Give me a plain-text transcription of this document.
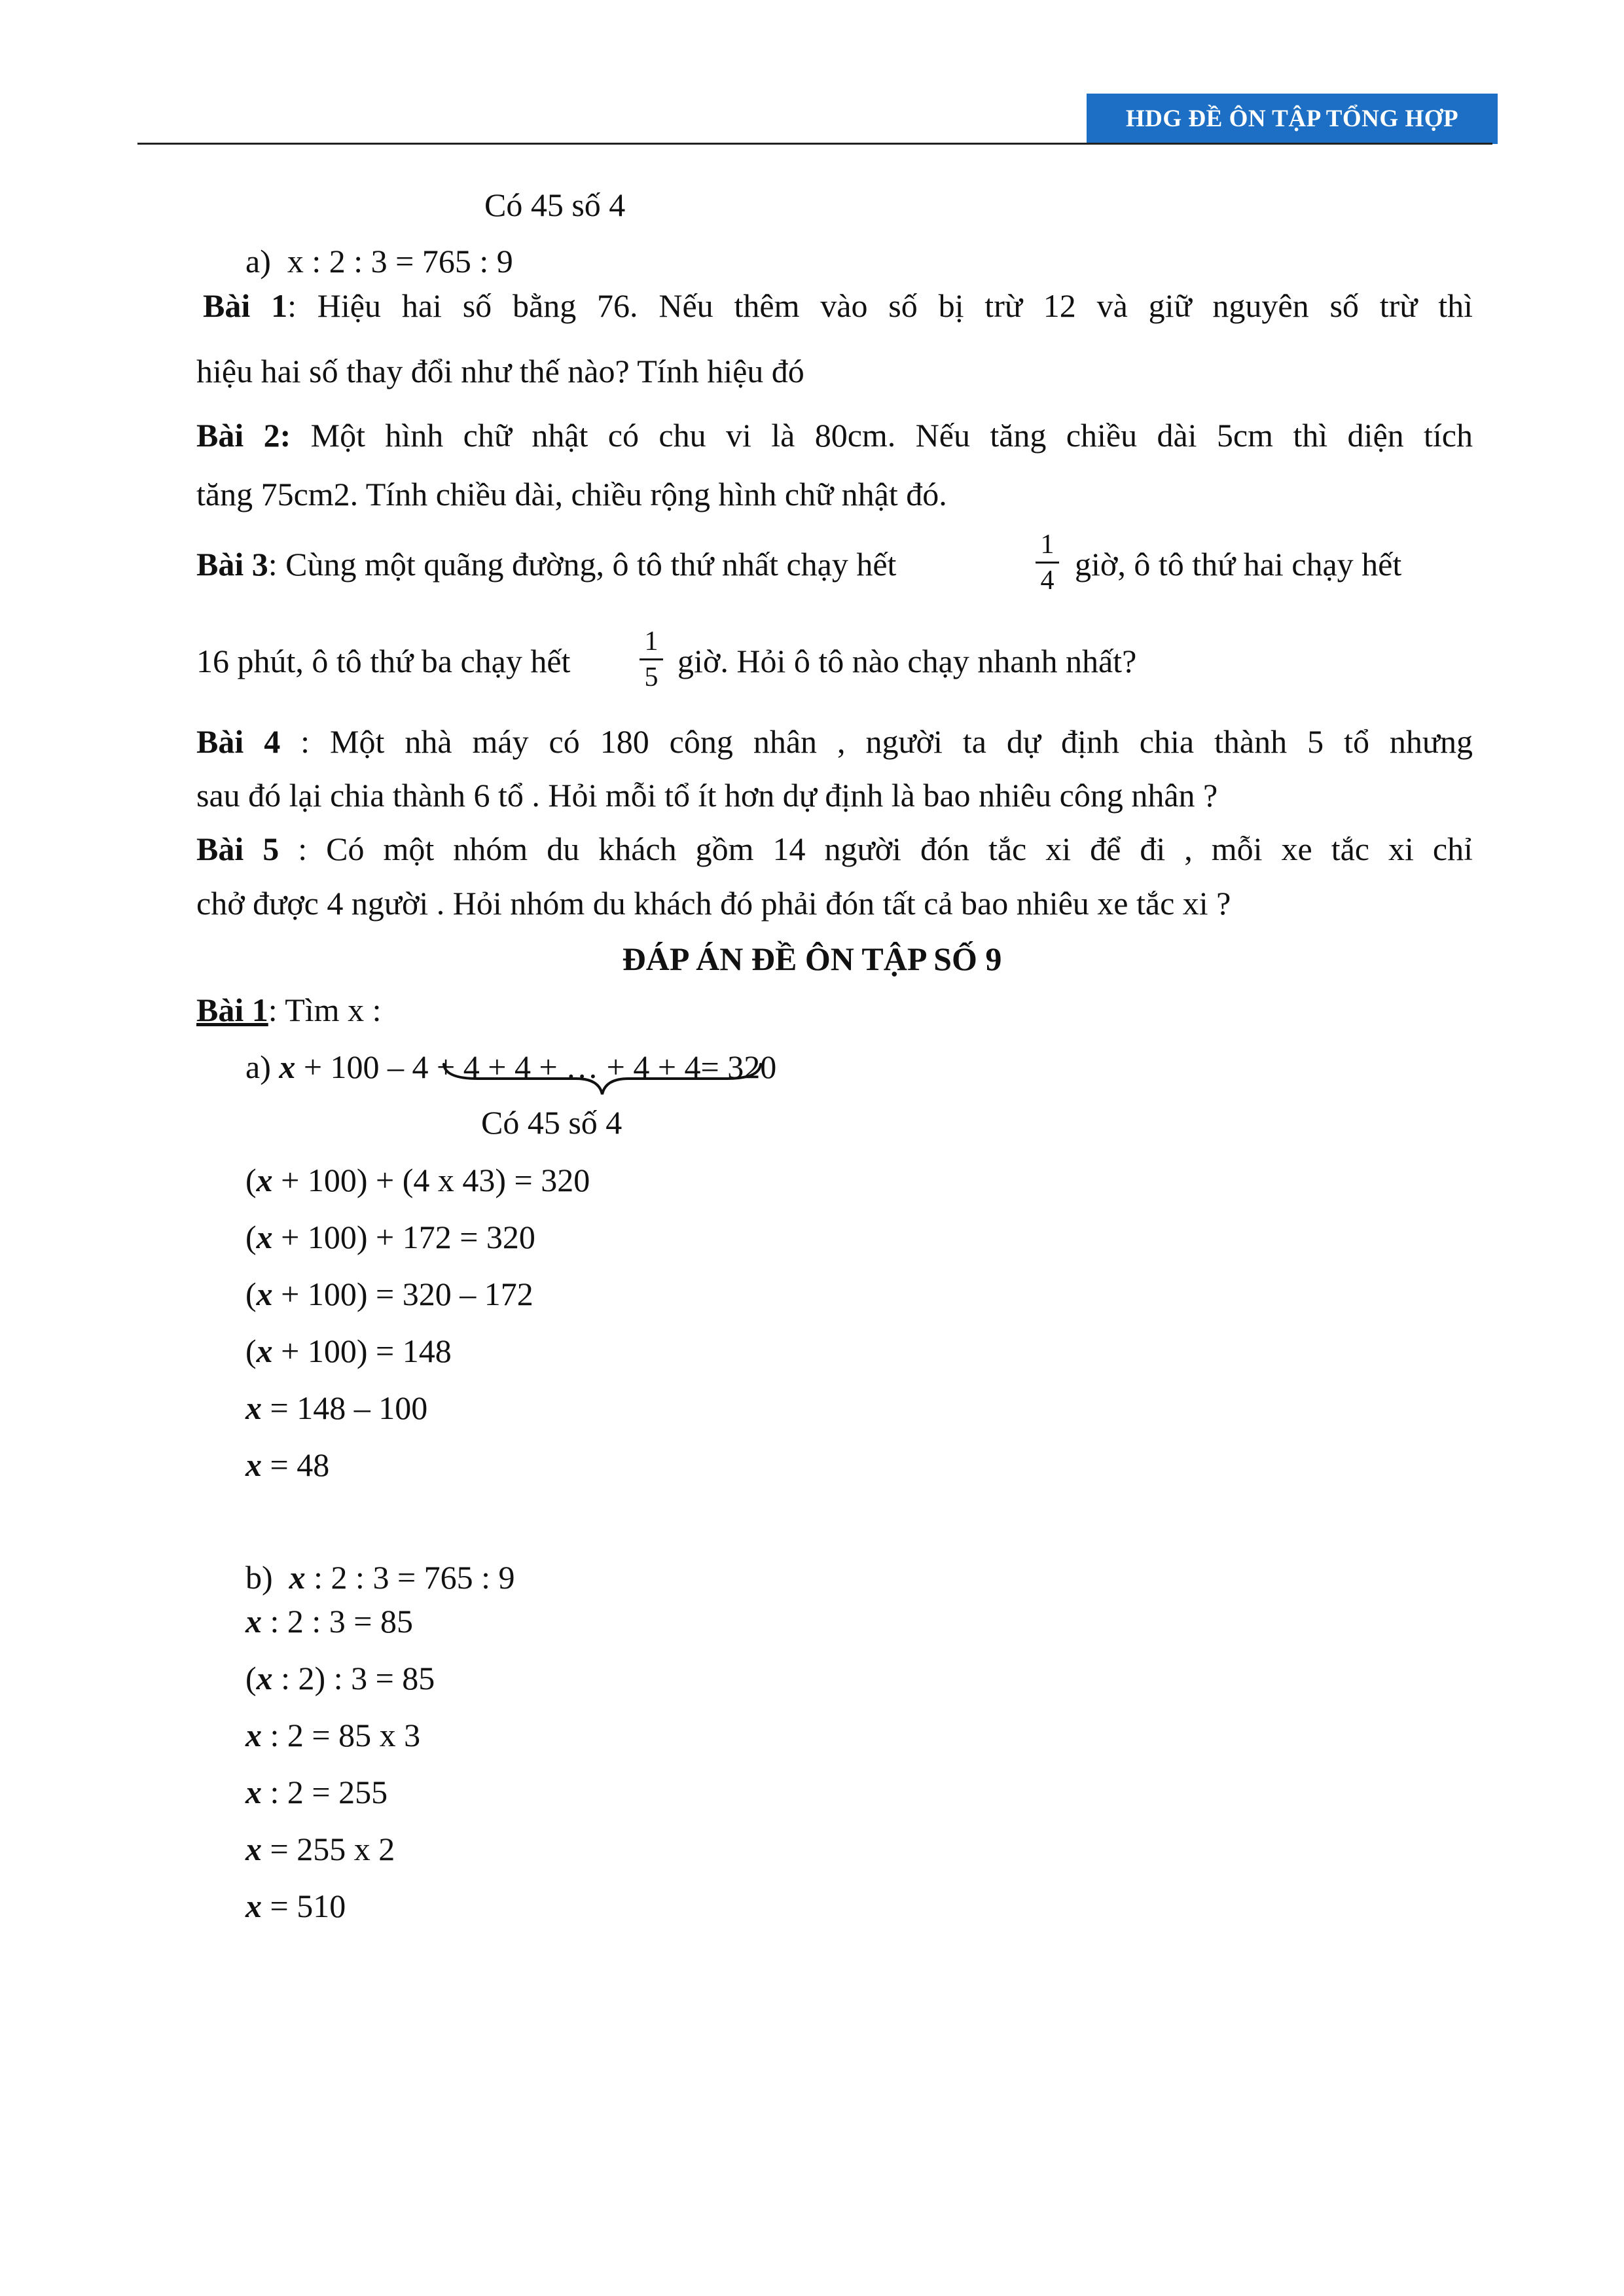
HDG ĐỀ ÔN TẬP TỔNG HỢP
Có 45 số 4
a) x : 2 : 3 = 765 : 9
Bài 1: Hiệu hai số bằng 76. Nếu thêm vào số bị trừ 12 và giữ nguyên số trừ thì
hiệu hai số thay đổi như thế nào? Tính hiệu đó
Bài 2: Một hình chữ nhật có chu vi là 80cm. Nếu tăng chiều dài 5cm thì diện tích
tăng 75cm2. Tính chiều dài, chiều rộng hình chữ nhật đó.
Bài 3: Cùng một quãng đường, ô tô thứ nhất chạy hết
1
4 giờ, ô tô thứ hai chạy hết
16 phút, ô tô thứ ba chạy hết
1
5 giờ. Hỏi ô tô nào chạy nhanh nhất?
Bài 4 : Một nhà máy có 180 công nhân , người ta dự định chia thành 5 tổ nhưng
sau đó lại chia thành 6 tổ . Hỏi mỗi tổ ít hơn dự định là bao nhiêu công nhân ?
Bài 5 : Có một nhóm du khách gồm 14 người đón tắc xi để đi , mỗi xe tắc xi chỉ
chở được 4 người . Hỏi nhóm du khách đó phải đón tất cả bao nhiêu xe tắc xi ?
ĐÁP ÁN ĐỀ ÔN TẬP SỐ 9
Bài 1: Tìm x :
a) x + 100 – 4 + 4 + 4 + … + 4 + 4= 320
Có 45 số 4
(x + 100) + (4 x 43) = 320
(x + 100) + 172 = 320
(x + 100) = 320 – 172
(x + 100) = 148
x = 148 – 100
x = 48
b) x : 2 : 3 = 765 : 9
x : 2 : 3 = 85
(x : 2) : 3 = 85
x : 2 = 85 x 3
x : 2 = 255
x = 255 x 2
x = 510
